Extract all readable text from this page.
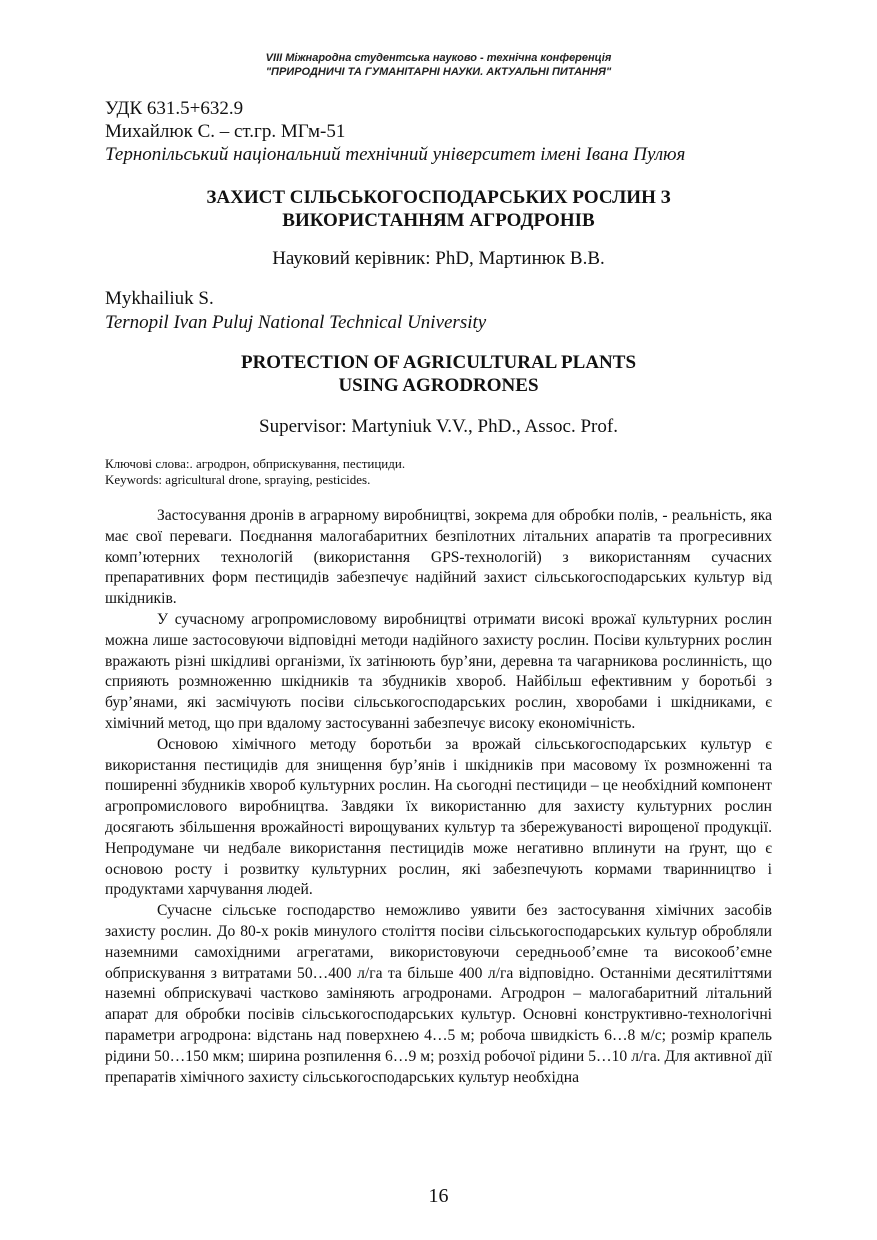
VIII Міжнародна студентська науково - технічна конференція
"ПРИРОДНИЧІ ТА ГУМАНІТАРНІ НАУКИ. АКТУАЛЬНІ ПИТАННЯ"
УДК 631.5+632.9
Михайлюк С. – ст.гр. МГм-51
Тернопільський національний технічний університет імені Івана Пулюя
ЗАХИСТ СІЛЬСЬКОГОСПОДАРСЬКИХ РОСЛИН З
ВИКОРИСТАННЯМ АГРОДРОНІВ
Науковий керівник: PhD, Мартинюк В.В.
Mykhailiuk S.
Ternopil Ivan Puluj National Technical University
PROTECTION OF AGRICULTURAL PLANTS
USING AGRODRONES
Supervisor: Martyniuk V.V., PhD., Assoc. Prof.
Ключові слова:. агродрон, обприскування, пестициди.
Keywords: agricultural drone, spraying, pesticides.

Застосування дронів в аграрному виробництві, зокрема для обробки полів, - реальність, яка має свої переваги. Поєднання малогабаритних безпілотних літальних апаратів та прогресивних комп’ютерних технологій (використання GPS-технологій) з використанням сучасних препаративних форм пестицидів забезпечує надійний захист сільськогосподарських культур від шкідників.

У сучасному агропромисловому виробництві отримати високі врожаї культурних рослин можна лише застосовуючи відповідні методи надійного захисту рослин. Посіви культурних рослин вражають різні шкідливі організми, їх затінюють бур’яни, деревна та чагарникова рослинність, що сприяють розмноженню шкідників та збудників хвороб. Найбільш ефективним у боротьбі з бур’янами, які засмічують посіви сільськогосподарських рослин, хворобами і шкідниками, є хімічний метод, що при вдалому застосуванні забезпечує високу економічність.

Основою хімічного методу боротьби за врожай сільськогосподарських культур є використання пестицидів для знищення бур’янів і шкідників при масовому їх розмноженні та поширенні збудників хвороб культурних рослин. На сьогодні пестициди – це необхідний компонент агропромислового виробництва. Завдяки їх використанню для захисту культурних рослин досягають збільшення врожайності вирощуваних культур та збережуваності вирощеної продукції. Непродумане чи недбале використання пестицидів може негативно вплинути на ґрунт, що є основою росту і розвитку культурних рослин, які забезпечують кормами тваринництво і продуктами харчування людей.

Сучасне сільське господарство неможливо уявити без застосування хімічних засобів захисту рослин. До 80-х років минулого століття посіви сільськогосподарських культур обробляли наземними самохідними агрегатами, використовуючи середньооб’ємне та високооб’ємне обприскування з витратами 50…400 л/га та більше 400 л/га відповідно. Останніми десятиліттями наземні обприскувачі частково заміняють агродронами. Агродрон – малогабаритний літальний апарат для обробки посівів сільськогосподарських культур. Основні конструктивно-технологічні параметри агродрона: відстань над поверхнею 4…5 м; робоча швидкість 6…8 м/с; розмір крапель рідини 50…150 мкм; ширина розпилення 6…9 м; розхід робочої рідини 5…10 л/га. Для активної дії препаратів хімічного захисту сільськогосподарських культур необхідна

16
